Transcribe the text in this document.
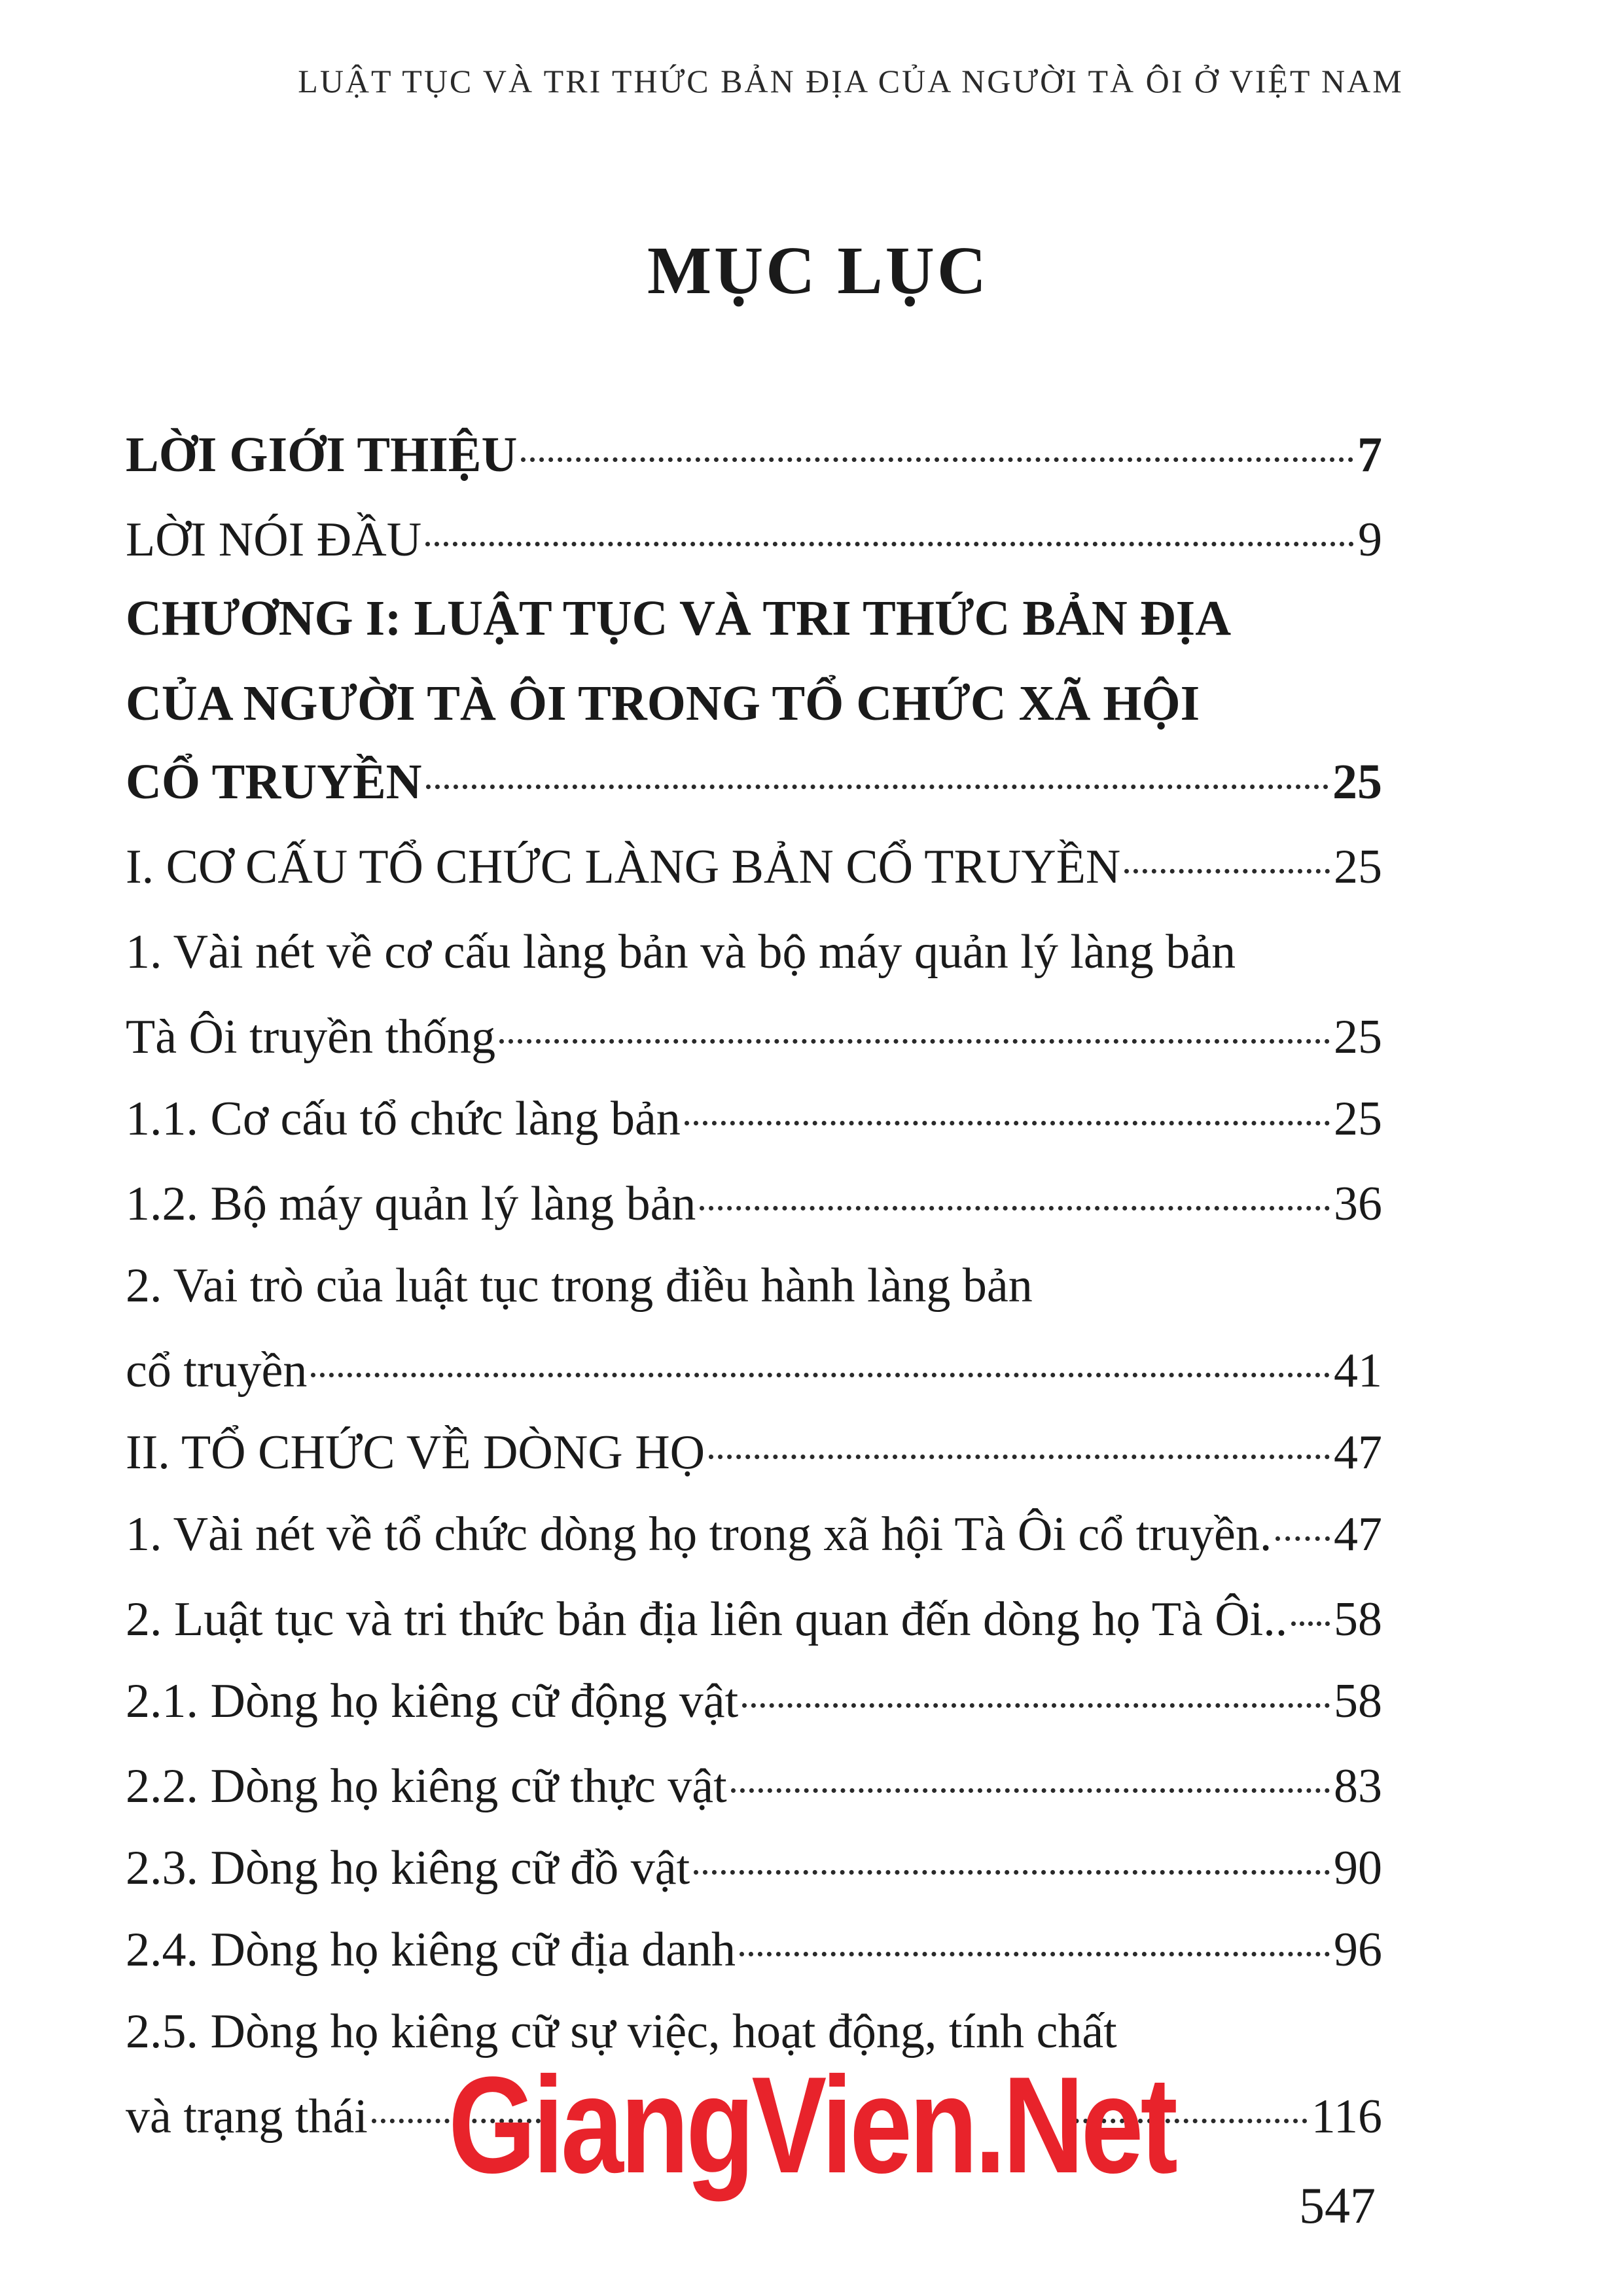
LUẬT TỤC VÀ TRI THỨC BẢN ĐỊA CỦA NGƯỜI TÀ ÔI Ở VIỆT NAM
MỤC LỤC
LỜI GIỚI THIỆU	7
LỜI NÓI ĐẦU	9
CHƯƠNG I: LUẬT TỤC VÀ TRI THỨC BẢN ĐỊA
CỦA NGƯỜI TÀ ÔI TRONG TỔ CHỨC XÃ HỘI
CỔ TRUYỀN	25
I. CƠ CẤU TỔ CHỨC LÀNG BẢN CỔ TRUYỀN	25
1. Vài nét về cơ cấu làng bản và bộ máy quản lý làng bản
Tà Ôi truyền thống	25
1.1. Cơ cấu tổ chức làng bản	25
1.2. Bộ máy quản lý làng bản	36
2. Vai trò của luật tục trong điều hành làng bản
cổ truyền	41
II. TỔ CHỨC VỀ DÒNG HỌ	47
1. Vài nét về tổ chức dòng họ trong xã hội Tà Ôi cổ truyền. 47
2. Luật tục và tri thức bản địa liên quan đến dòng họ Tà Ôi.. 58
2.1. Dòng họ kiêng cữ động vật	58
2.2. Dòng họ kiêng cữ thực vật	83
2.3. Dòng họ kiêng cữ đồ vật	90
2.4. Dòng họ kiêng cữ địa danh	96
2.5. Dòng họ kiêng cữ sự việc, hoạt động, tính chất
và trạng thái	116
547
GiangVien.Net
